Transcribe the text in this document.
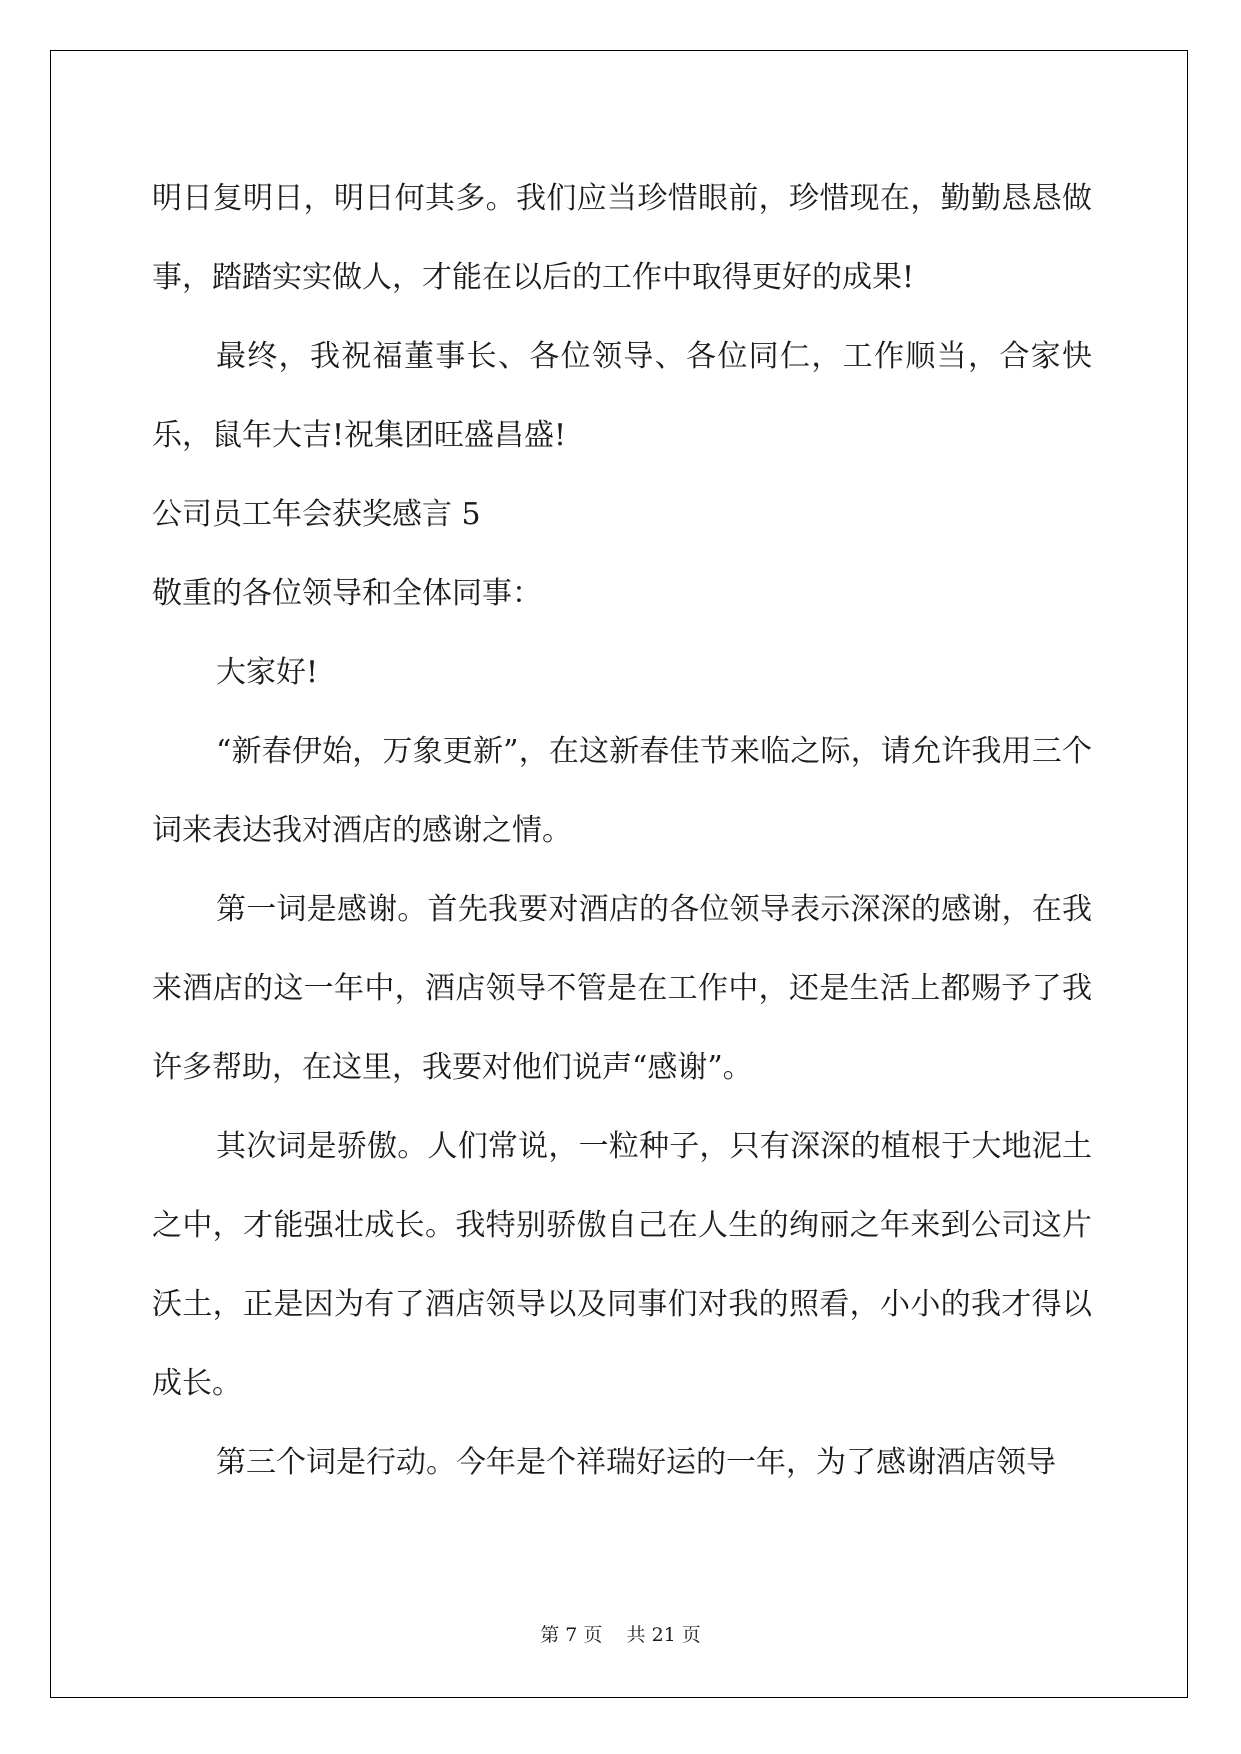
明日复明日，明日何其多。我们应当珍惜眼前，珍惜现在，勤勤恳恳做事，踏踏实实做人，才能在以后的工作中取得更好的成果!

最终，我祝福董事长、各位领导、各位同仁，工作顺当，合家快乐，鼠年大吉!祝集团旺盛昌盛!

公司员工年会获奖感言 5

敬重的各位领导和全体同事：

大家好!

“新春伊始，万象更新”，在这新春佳节来临之际，请允许我用三个词来表达我对酒店的感谢之情。

第一词是感谢。首先我要对酒店的各位领导表示深深的感谢，在我来酒店的这一年中，酒店领导不管是在工作中，还是生活上都赐予了我许多帮助，在这里，我要对他们说声“感谢”。

其次词是骄傲。人们常说，一粒种子，只有深深的植根于大地泥土之中，才能强壮成长。我特别骄傲自己在人生的绚丽之年来到公司这片沃土，正是因为有了酒店领导以及同事们对我的照看，小小的我才得以成长。

第三个词是行动。今年是个祥瑞好运的一年，为了感谢酒店领导

第 7 页    共 21 页
